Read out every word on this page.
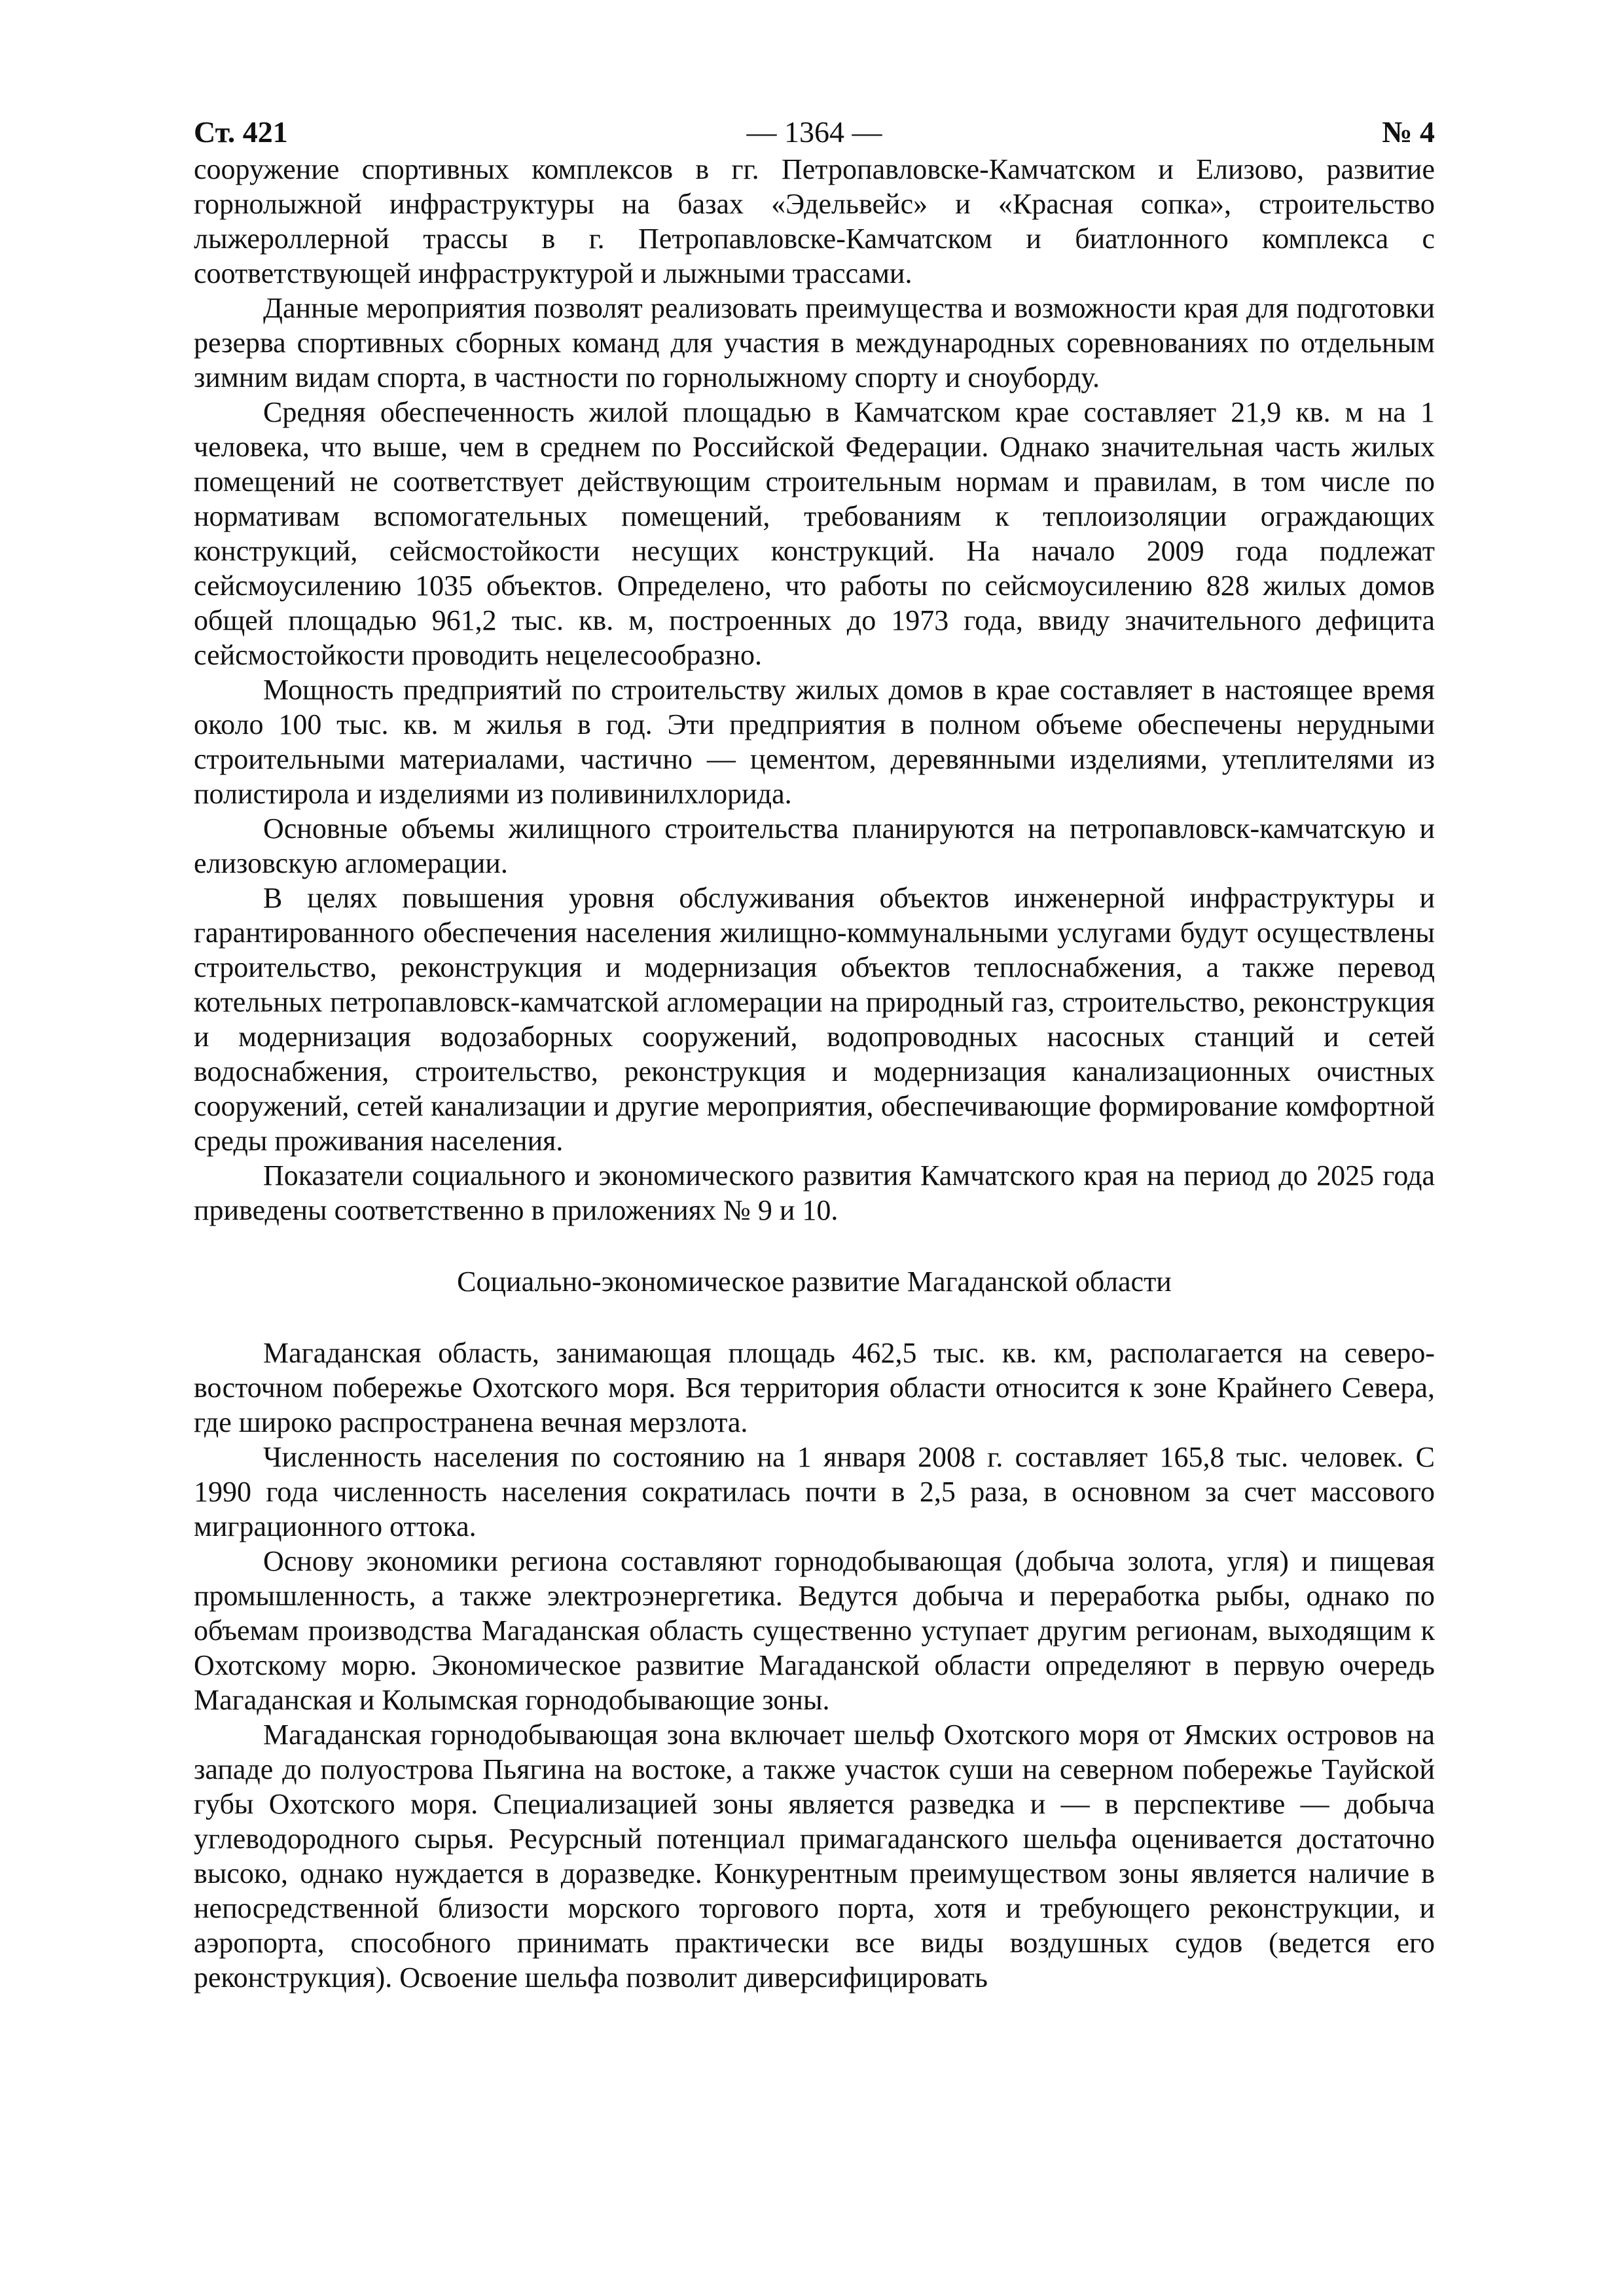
Ст. 421	— 1364 —	№ 4

сооружение спортивных комплексов в гг. Петропавловске-Камчатском и Елизово, развитие горнолыжной инфраструктуры на базах «Эдельвейс» и «Красная сопка», строительство лыжероллерной трассы в г. Петропавловске-Камчатском и биатлонного комплекса с соответствующей инфраструктурой и лыжными трассами.

Данные мероприятия позволят реализовать преимущества и возможности края для подготовки резерва спортивных сборных команд для участия в международных соревнованиях по отдельным зимним видам спорта, в частности по горнолыжному спорту и сноуборду.

Средняя обеспеченность жилой площадью в Камчатском крае составляет 21,9 кв. м на 1 человека, что выше, чем в среднем по Российской Федерации. Однако значительная часть жилых помещений не соответствует действующим строительным нормам и правилам, в том числе по нормативам вспомогательных помещений, требованиям к теплоизоляции ограждающих конструкций, сейсмостойкости несущих конструкций. На начало 2009 года подлежат сейсмоусилению 1035 объектов. Определено, что работы по сейсмоусилению 828 жилых домов общей площадью 961,2 тыс. кв. м, построенных до 1973 года, ввиду значительного дефицита сейсмостойкости проводить нецелесообразно.

Мощность предприятий по строительству жилых домов в крае составляет в настоящее время около 100 тыс. кв. м жилья в год. Эти предприятия в полном объеме обеспечены нерудными строительными материалами, частично — цементом, деревянными изделиями, утеплителями из полистирола и изделиями из поливинилхлорида.

Основные объемы жилищного строительства планируются на петропавловск-камчатскую и елизовскую агломерации.

В целях повышения уровня обслуживания объектов инженерной инфраструктуры и гарантированного обеспечения населения жилищно-коммунальными услугами будут осуществлены строительство, реконструкция и модернизация объектов теплоснабжения, а также перевод котельных петропавловск-камчатской агломерации на природный газ, строительство, реконструкция и модернизация водозаборных сооружений, водопроводных насосных станций и сетей водоснабжения, строительство, реконструкция и модернизация канализационных очистных сооружений, сетей канализации и другие мероприятия, обеспечивающие формирование комфортной среды проживания населения.

Показатели социального и экономического развития Камчатского края на период до 2025 года приведены соответственно в приложениях № 9 и 10.

Социально-экономическое развитие Магаданской области

Магаданская область, занимающая площадь 462,5 тыс. кв. км, располагается на северо-восточном побережье Охотского моря. Вся территория области относится к зоне Крайнего Севера, где широко распространена вечная мерзлота.

Численность населения по состоянию на 1 января 2008 г. составляет 165,8 тыс. человек. С 1990 года численность населения сократилась почти в 2,5 раза, в основном за счет массового миграционного оттока.

Основу экономики региона составляют горнодобывающая (добыча золота, угля) и пищевая промышленность, а также электроэнергетика. Ведутся добыча и переработка рыбы, однако по объемам производства Магаданская область существенно уступает другим регионам, выходящим к Охотскому морю. Экономическое развитие Магаданской области определяют в первую очередь Магаданская и Колымская горнодобывающие зоны.

Магаданская горнодобывающая зона включает шельф Охотского моря от Ямских островов на западе до полуострова Пьягина на востоке, а также участок суши на северном побережье Тауйской губы Охотского моря. Специализацией зоны является разведка и — в перспективе — добыча углеводородного сырья. Ресурсный потенциал примагаданского шельфа оценивается достаточно высоко, однако нуждается в доразведке. Конкурентным преимуществом зоны является наличие в непосредственной близости морского торгового порта, хотя и требующего реконструкции, и аэропорта, способного принимать практически все виды воздушных судов (ведется его реконструкция). Освоение шельфа позволит диверсифицировать
